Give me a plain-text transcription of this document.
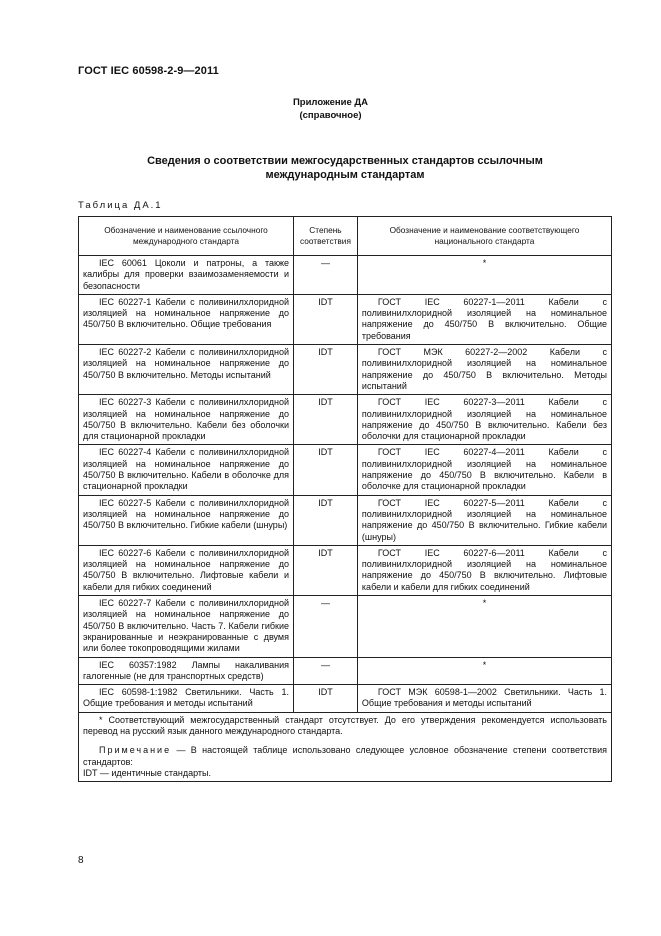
ГОСТ IEC 60598-2-9—2011
Приложение ДА
(справочное)
Сведения о соответствии межгосударственных стандартов ссылочным международным стандартам
Таблица ДА.1
Обозначение и наименование ссылочного международного стандарта	Степень соответствия	Обозначение и наименование соответствующего национального стандарта
IEC 60061 Цоколи и патроны, а также калибры для проверки взаимозаменяемости и безопасности	—	*
IEC 60227-1 Кабели с поливинилхлоридной изоляцией на номинальное напряжение до 450/750 В включительно. Общие требования	IDT	ГОСТ IEC 60227-1—2011 Кабели с поливинилхлоридной изоляцией на номинальное напряжение до 450/750 В включительно. Общие требования
IEC 60227-2 Кабели с поливинилхлоридной изоляцией на номинальное напряжение до 450/750 В включительно. Методы испытаний	IDT	ГОСТ МЭК 60227-2—2002 Кабели с поливинилхлоридной изоляцией на номинальное напряжение до 450/750 В включительно. Методы испытаний
IEC 60227-3 Кабели с поливинилхлоридной изоляцией на номинальное напряжение до 450/750 В включительно. Кабели без оболочки для стационарной прокладки	IDT	ГОСТ IEC 60227-3—2011 Кабели с поливинилхлоридной изоляцией на номинальное напряжение до 450/750 В включительно. Кабели без оболочки для стационарной прокладки
IEC 60227-4 Кабели с поливинилхлоридной изоляцией на номинальное напряжение до 450/750 В включительно. Кабели в оболочке для стационарной прокладки	IDT	ГОСТ IEC 60227-4—2011 Кабели с поливинилхлоридной изоляцией на номинальное напряжение до 450/750 В включительно. Кабели в оболочке для стационарной прокладки
IEC 60227-5 Кабели с поливинилхлоридной изоляцией на номинальное напряжение до 450/750 В включительно. Гибкие кабели (шнуры)	IDT	ГОСТ IEC 60227-5—2011 Кабели с поливинилхлоридной изоляцией на номинальное напряжение до 450/750 В включительно. Гибкие кабели (шнуры)
IEC 60227-6 Кабели с поливинилхлоридной изоляцией на номинальное напряжение до 450/750 В включительно. Лифтовые кабели и кабели для гибких соединений	IDT	ГОСТ IEC 60227-6—2011 Кабели с поливинилхлоридной изоляцией на номинальное напряжение до 450/750 В включительно. Лифтовые кабели и кабели для гибких соединений
IEC 60227-7 Кабели с поливинилхлоридной изоляцией на номинальное напряжение до 450/750 В включительно. Часть 7. Кабели гибкие экранированные и неэкранированные с двумя или более токопроводящими жилами	—	*
IEC 60357:1982 Лампы накаливания галогенные (не для транспортных средств)	—	*
IEC 60598-1:1982 Светильники. Часть 1. Общие требования и методы испытаний	IDT	ГОСТ МЭК 60598-1—2002 Светильники. Часть 1. Общие требования и методы испытаний

* Соответствующий межгосударственный стандарт отсутствует. До его утверждения рекомендуется использовать перевод на русский язык данного международного стандарта.
Примечание — В настоящей таблице использовано следующее условное обозначение степени соответствия стандартов:
IDT — идентичные стандарты.		
8
